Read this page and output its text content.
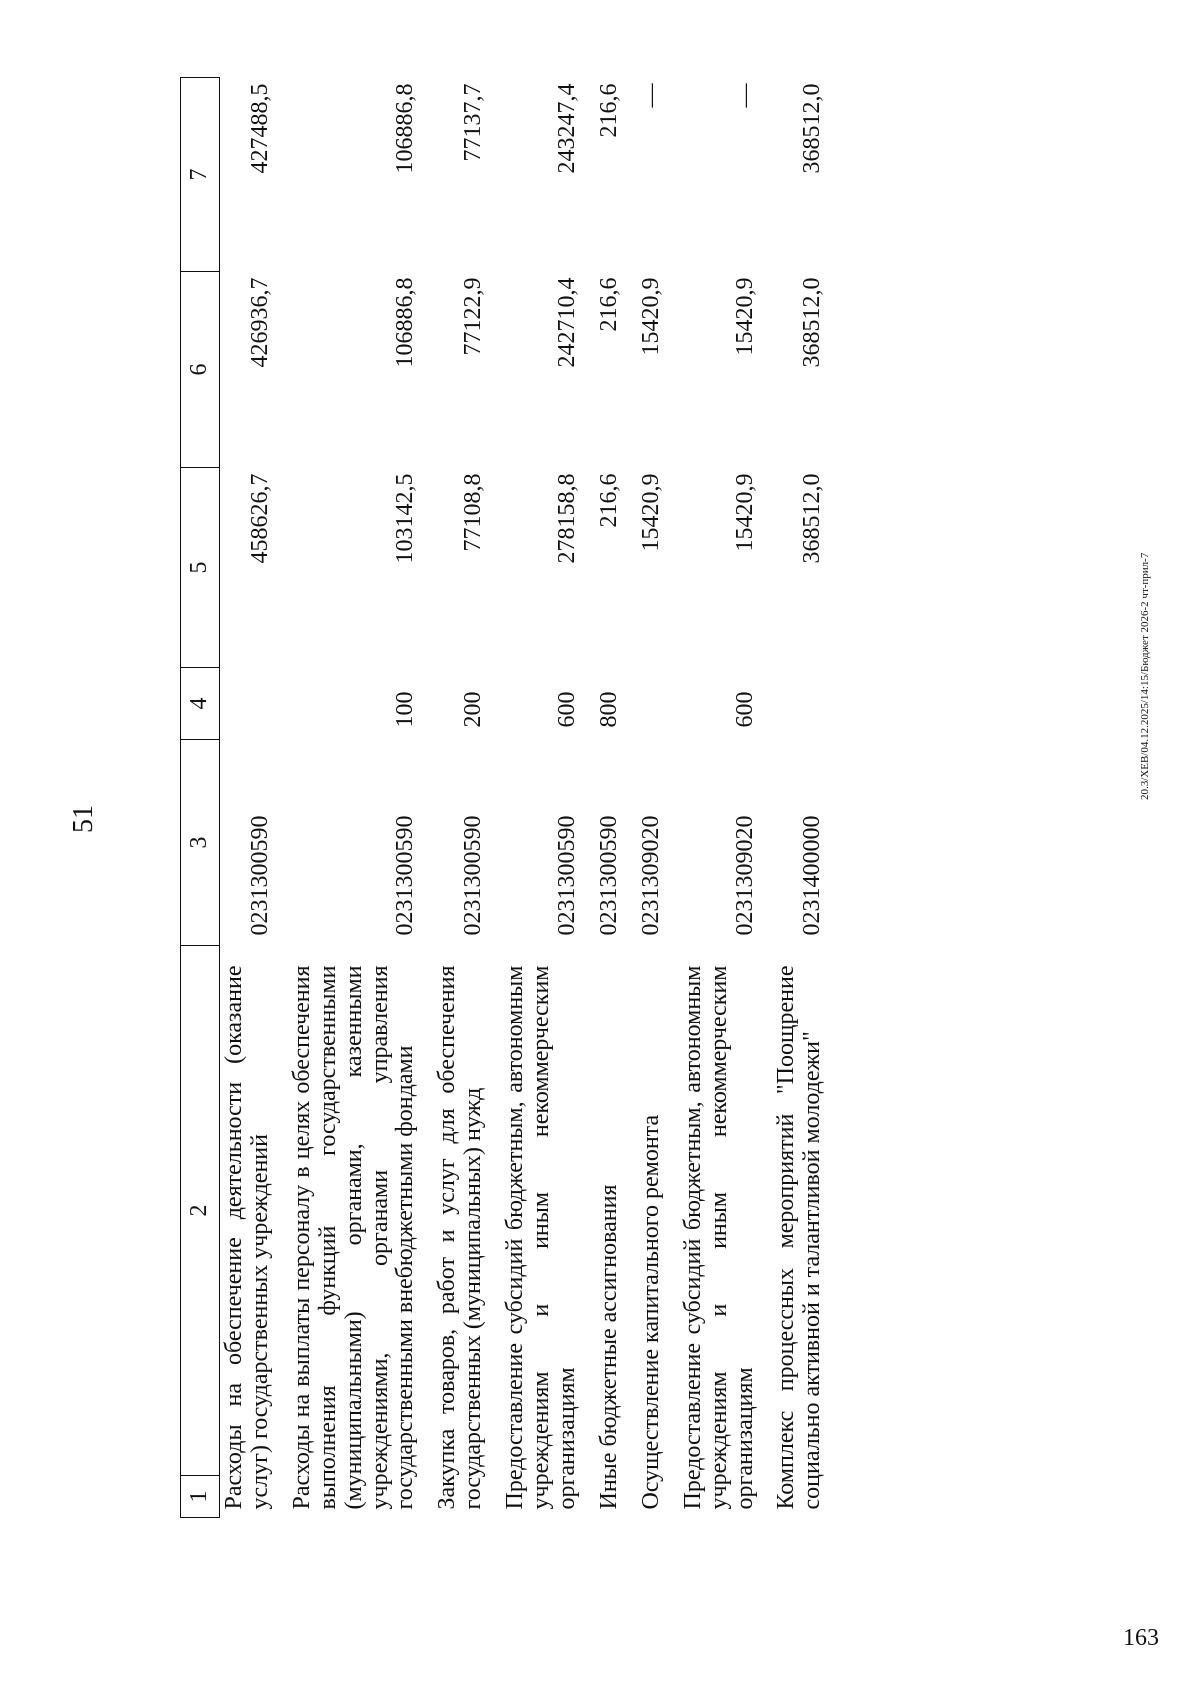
51
1	2	3	4	5	6	7
Расходы на обеспечение деятельности (оказание услуг) государственных учреждений		0231300590		458626,7	426936,7	427488,5
Расходы на выплаты персоналу в целях обеспечения выполнения функций государственными (муниципальными) органами, казенными учреждениями, органами управления государственными внебюджетными фондами		0231300590	100	103142,5	106886,8	106886,8
Закупка товаров, работ и услуг для обеспечения государственных (муниципальных) нужд		0231300590	200	77108,8	77122,9	77137,7
Предоставление субсидий бюджетным, автономным учреждениям и иным некоммерческим организациям		0231300590	600	278158,8	242710,4	243247,4
Иные бюджетные ассигнования		0231300590	800	216,6	216,6	216,6
Осуществление капитального ремонта		0231309020		15420,9	15420,9	—
Предоставление субсидий бюджетным, автономным учреждениям и иным некоммерческим организациям		0231309020	600	15420,9	15420,9	—
Комплекс процессных мероприятий "Поощрение социально активной и талантливой молодежи"		0231400000		368512,0	368512,0	368512,0
20.3/ХЕВ/04.12.2025/14:15/Бюджет 2026-2 чт-прил-7
163
